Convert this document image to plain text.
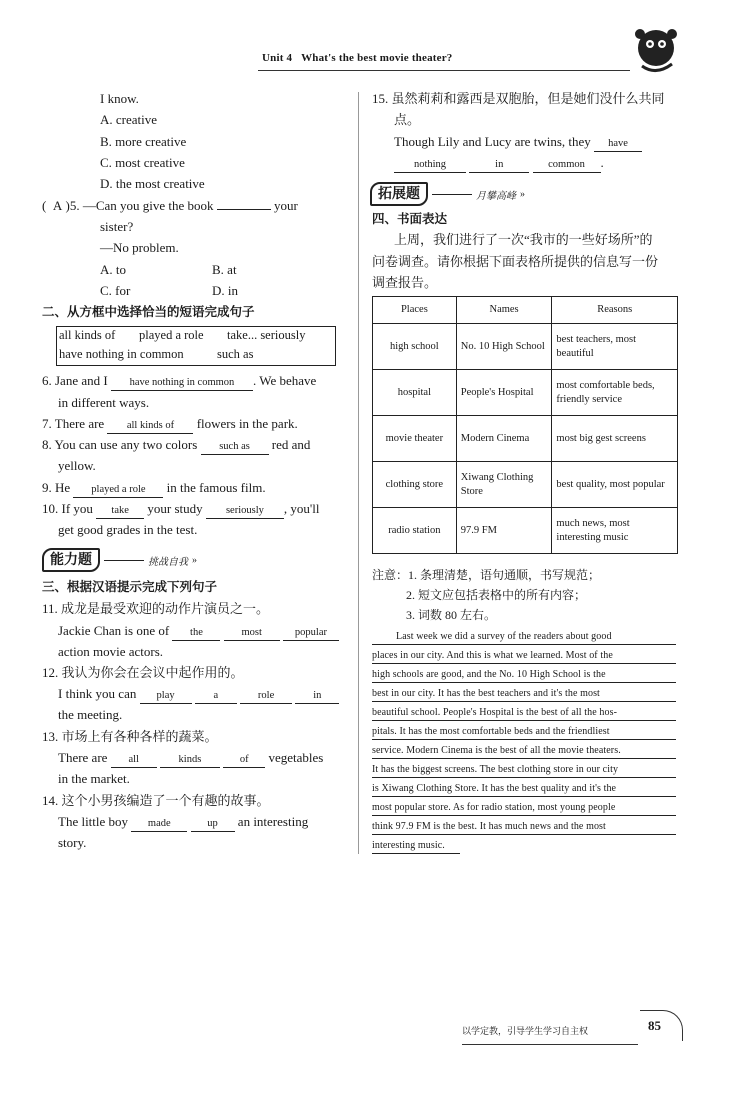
Unit 4 What's the best movie theater?
I know.
A. creative
B. more creative
C. most creative
D. the most creative
(  A )5. —Can you give the book	your
sister?
—No problem.
A. to	B. at
C. for	D. in
二、从方框中选择恰当的短语完成句子
all kinds of played a role take... seriously
have nothing in common	such as
6. Jane and I have nothing in common . We behave
in different ways.
7. There are all kinds of flowers in the park.
8. You can use any two colors such as red and
yellow.
9. He played a role in the famous film.
10. If you take your study seriously , you'll
get good grades in the test.
能力题	挑战自我 »
三、根据汉语提示完成下列句子
11. 成龙是最受欢迎的动作片演员之一。
Jackie Chan is one of the	most	popular
action movie actors.
12. 我认为你会在会议中起作用的。
I think you can play	a	role	in
the meeting.
13. 市场上有各种各样的蔬菜。
There are all	kinds	of vegetables
in the market.
14. 这个小男孩编造了一个有趣的故事。
The little boy made	up an interesting
story.
15. 虽然莉莉和露西是双胞胎，但是她们没什么共同
点。
Though Lily and Lucy are twins, they have
nothing	in	common .
拓展题	月攀高峰 »
四、书面表达
上周，我们进行了一次“我市的一些好场所”的
问卷调查。请你根据下面表格所提供的信息写一份
调查报告。
Places	Names	Reasons
high school	No. 10 High School	best teachers, most beautiful
hospital	People's Hospital	most comfortable beds, friendly service
movie theater	Modern Cinema	most big gest screens
clothing store	Xiwang Clothing Store	best quality, most popular
radio station	97.9 FM	much news, most interesting music
注意：1. 条理清楚，语句通顺，书写规范；
2. 短文应包括表格中的所有内容；
3. 词数 80 左右。
Last week we did a survey of the readers about good
places in our city. And this is what we learned. Most of the
high schools are good, and the No. 10 High School is the
best in our city. It has the best teachers and it's the most
beautiful school. People's Hospital is the best of all the hos-
pitals. It has the most comfortable beds and the friendliest
service. Modern Cinema is the best of all the movie theaters.
It has the biggest screens. The best clothing store in our city
is Xiwang Clothing Store. It has the best quality and it's the
most popular store. As for radio station, most young people
think 97.9 FM is the best. It has much news and the most
interesting music.
以学定教，引导学生学习自主权	85
